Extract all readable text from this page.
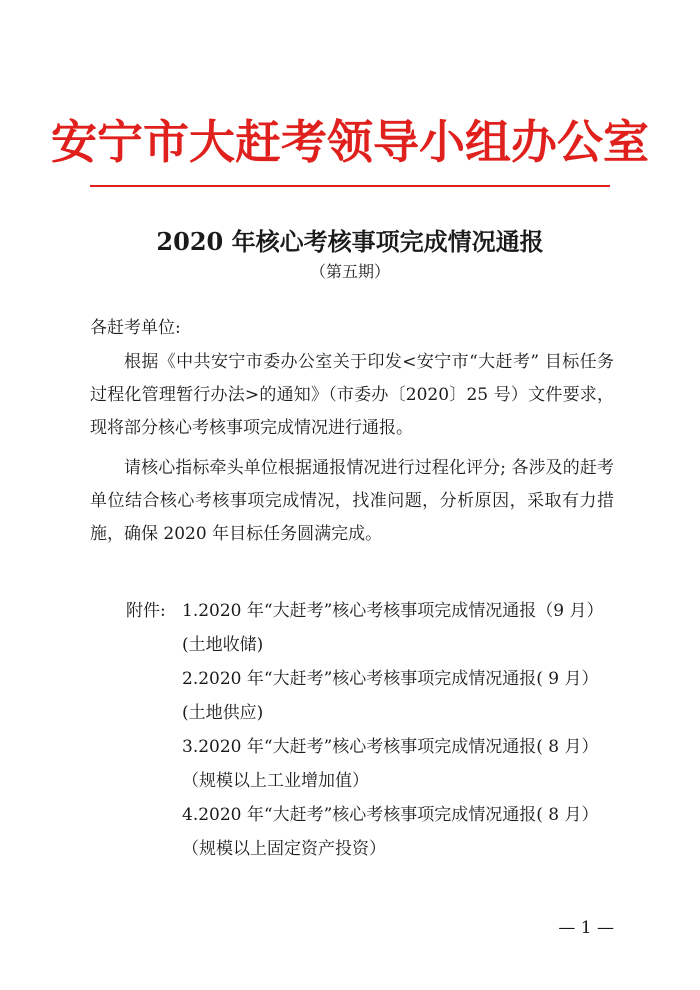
安宁市大赶考领导小组办公室
2020 年核心考核事项完成情况通报
（第五期）
各赶考单位:
根据《中共安宁市委办公室关于印发<安宁市“大赶考” 目标任务过程化管理暂行办法>的通知》（市委办〔2020〕25 号）文件要求，现将部分核心考核事项完成情况进行通报。
请核心指标牵头单位根据通报情况进行过程化评分; 各涉及的赶考单位结合核心考核事项完成情况，找准问题，分析原因，采取有力措施，确保 2020 年目标任务圆满完成。
附件: 1.2020 年“大赶考”核心考核事项完成情况通报（9 月）
(土地收储)
2.2020 年“大赶考”核心考核事项完成情况通报( 9 月）
(土地供应)
3.2020 年“大赶考”核心考核事项完成情况通报( 8 月）
（规模以上工业增加值）
4.2020 年“大赶考”核心考核事项完成情况通报( 8 月）
（规模以上固定资产投资）
— 1 —
